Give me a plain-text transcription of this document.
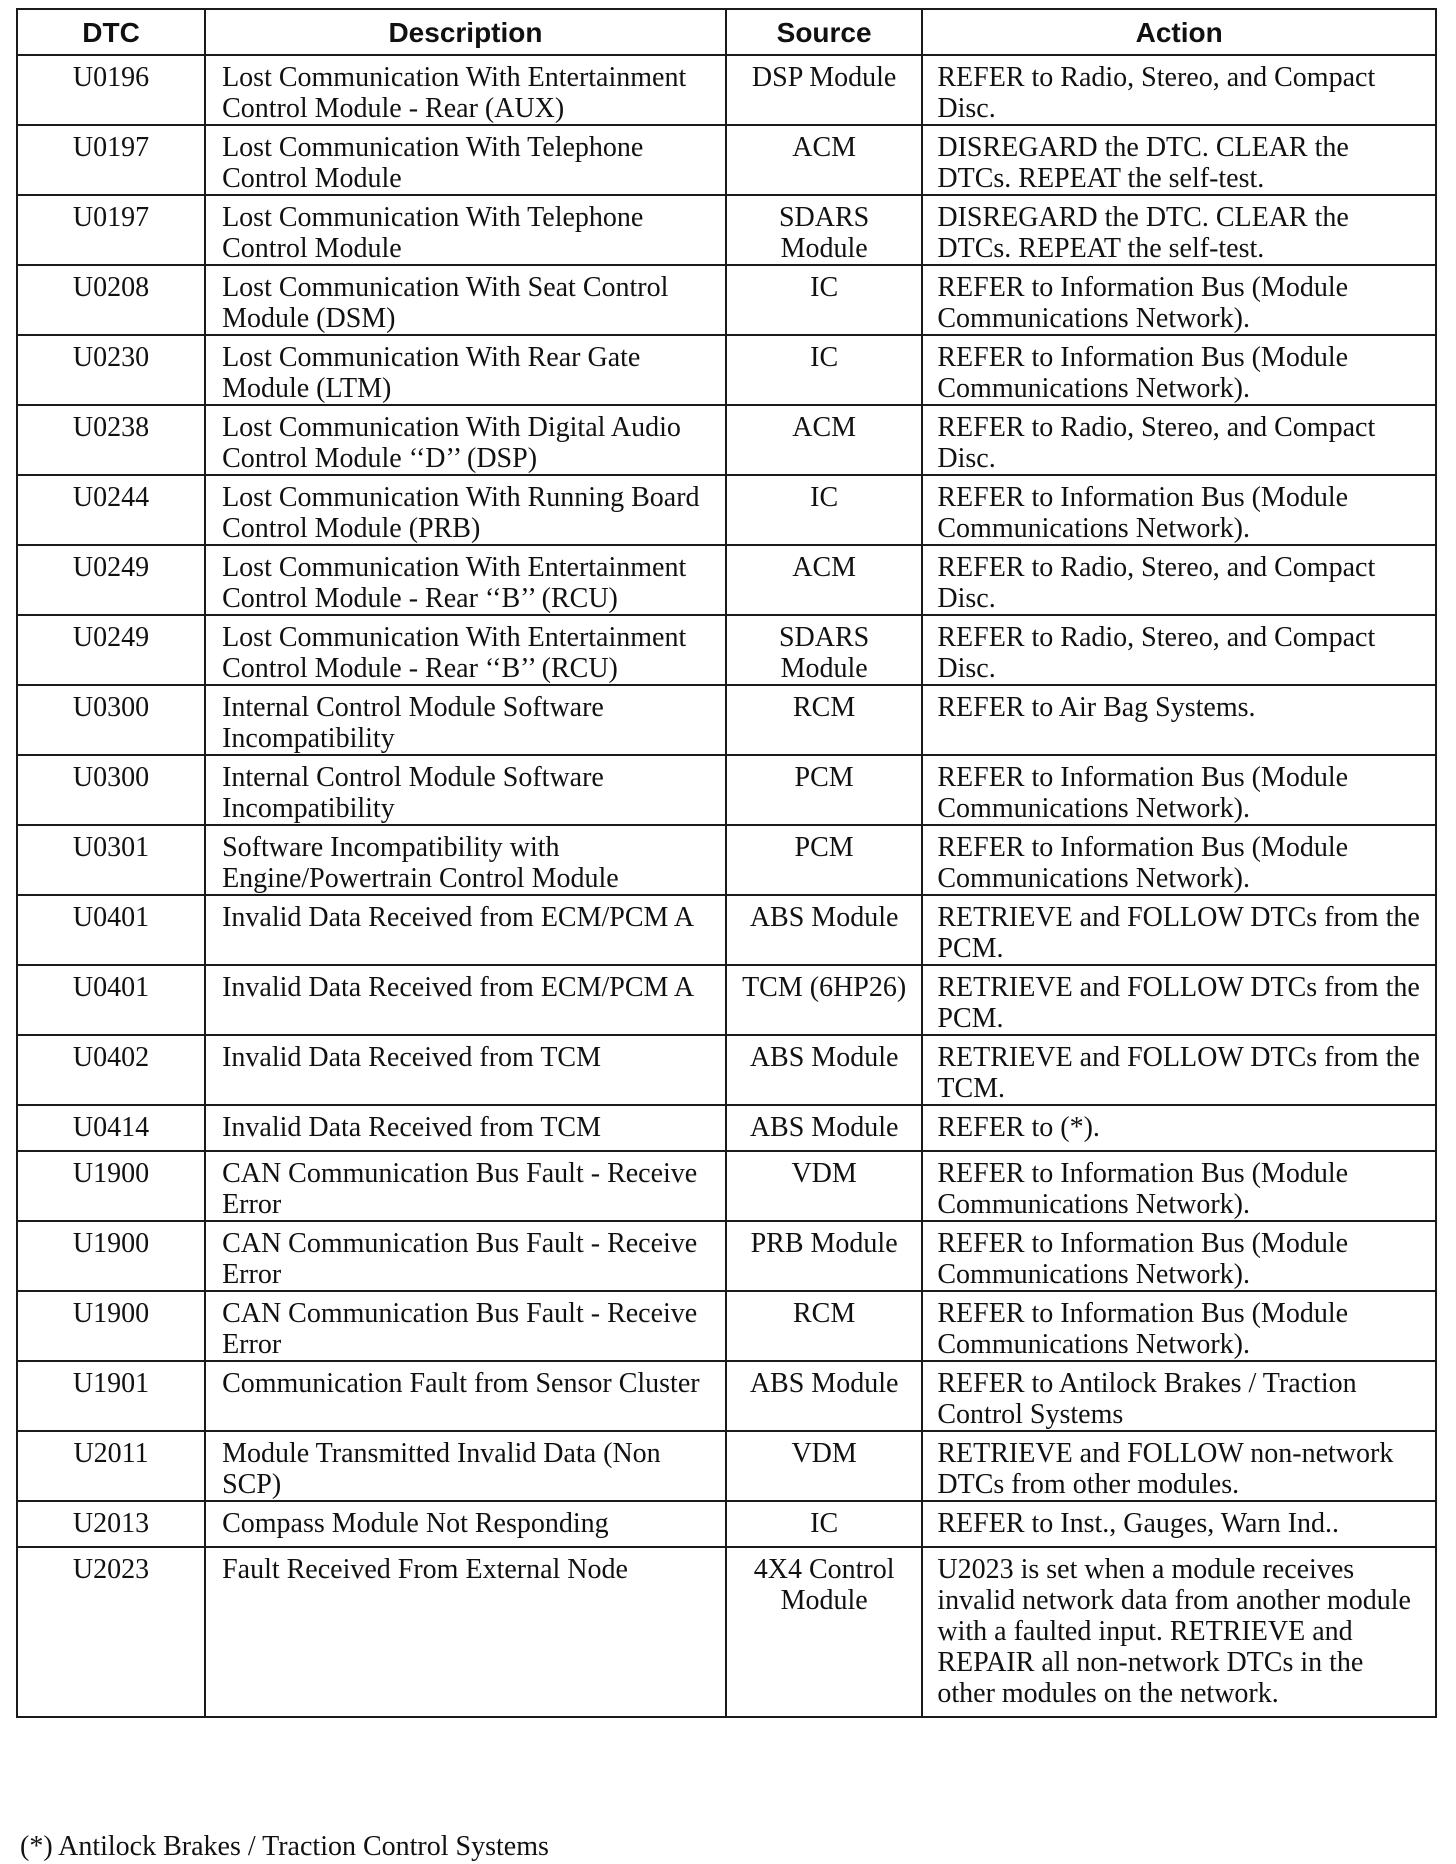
DTC	Description	Source	Action
U0196	Lost Communication With Entertainment Control Module - Rear (AUX)	DSP Module	REFER to Radio, Stereo, and Compact Disc.
U0197	Lost Communication With Telephone Control Module	ACM	DISREGARD the DTC. CLEAR the DTCs. REPEAT the self-test.
U0197	Lost Communication With Telephone Control Module	SDARS Module	DISREGARD the DTC. CLEAR the DTCs. REPEAT the self-test.
U0208	Lost Communication With Seat Control Module (DSM)	IC	REFER to Information Bus (Module Communications Network).
U0230	Lost Communication With Rear Gate Module (LTM)	IC	REFER to Information Bus (Module Communications Network).
U0238	Lost Communication With Digital Audio Control Module ‘‘D’’ (DSP)	ACM	REFER to Radio, Stereo, and Compact Disc.
U0244	Lost Communication With Running Board Control Module (PRB)	IC	REFER to Information Bus (Module Communications Network).
U0249	Lost Communication With Entertainment Control Module - Rear ‘‘B’’ (RCU)	ACM	REFER to Radio, Stereo, and Compact Disc.
U0249	Lost Communication With Entertainment Control Module - Rear ‘‘B’’ (RCU)	SDARS Module	REFER to Radio, Stereo, and Compact Disc.
U0300	Internal Control Module Software Incompatibility	RCM	REFER to Air Bag Systems.
U0300	Internal Control Module Software Incompatibility	PCM	REFER to Information Bus (Module Communications Network).
U0301	Software Incompatibility with Engine/Powertrain Control Module	PCM	REFER to Information Bus (Module Communications Network).
U0401	Invalid Data Received from ECM/PCM A	ABS Module	RETRIEVE and FOLLOW DTCs from the PCM.
U0401	Invalid Data Received from ECM/PCM A	TCM (6HP26)	RETRIEVE and FOLLOW DTCs from the PCM.
U0402	Invalid Data Received from TCM	ABS Module	RETRIEVE and FOLLOW DTCs from the TCM.
U0414	Invalid Data Received from TCM	ABS Module	REFER to (*).
U1900	CAN Communication Bus Fault - Receive Error	VDM	REFER to Information Bus (Module Communications Network).
U1900	CAN Communication Bus Fault - Receive Error	PRB Module	REFER to Information Bus (Module Communications Network).
U1900	CAN Communication Bus Fault - Receive Error	RCM	REFER to Information Bus (Module Communications Network).
U1901	Communication Fault from Sensor Cluster	ABS Module	REFER to Antilock Brakes / Traction Control Systems
U2011	Module Transmitted Invalid Data (Non SCP)	VDM	RETRIEVE and FOLLOW non-network DTCs from other modules.
U2013	Compass Module Not Responding	IC	REFER to Inst., Gauges, Warn Ind..
U2023	Fault Received From External Node	4X4 Control Module	U2023 is set when a module receives invalid network data from another module with a faulted input. RETRIEVE and REPAIR all non-network DTCs in the other modules on the network.
(*) Antilock Brakes / Traction Control Systems
